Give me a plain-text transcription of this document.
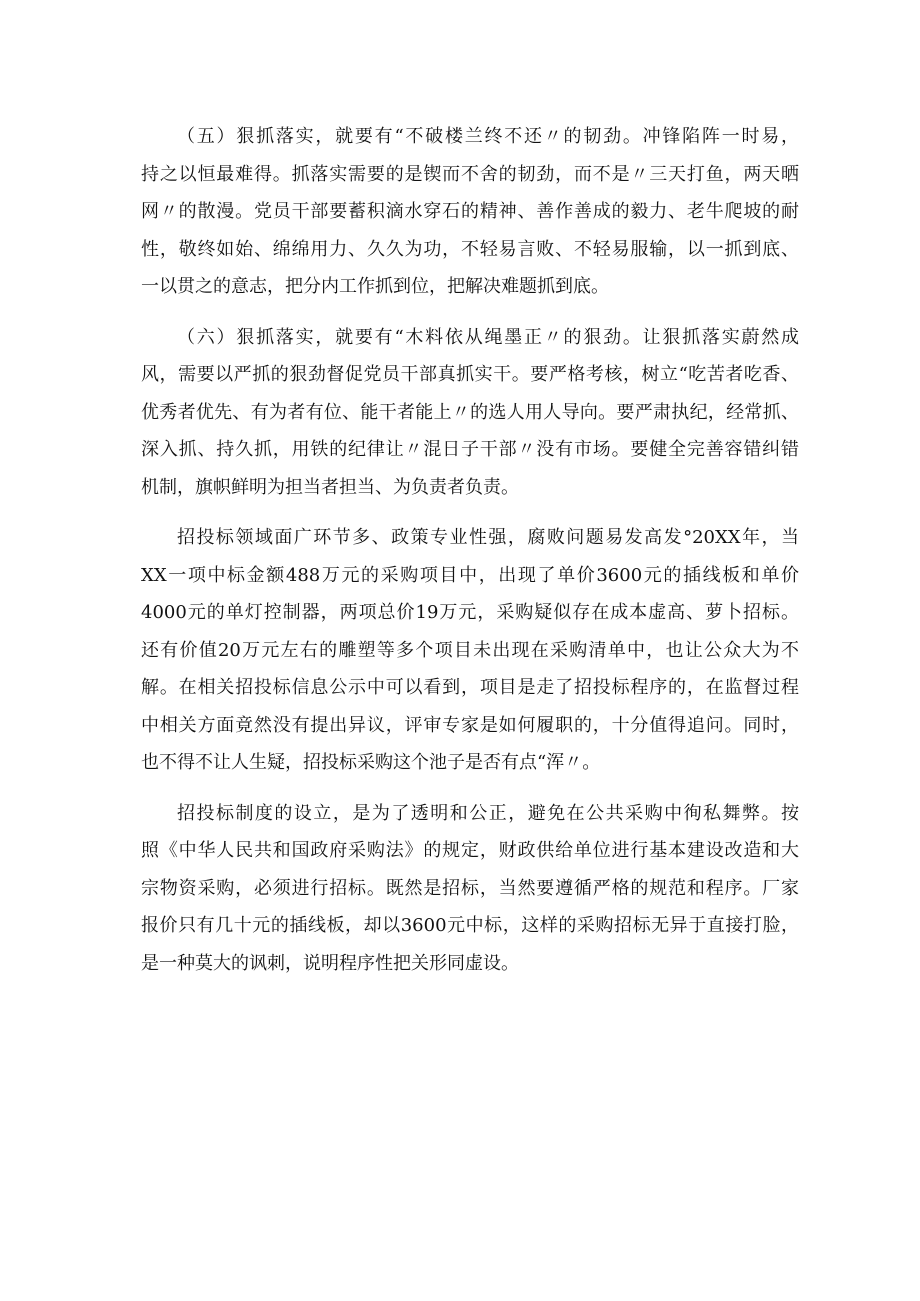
（五）狠抓落实，就要有“不破楼兰终不还〃的韧劲。冲锋陷阵一时易，
持之以恒最难得。抓落实需要的是锲而不舍的韧劲，而不是〃三天打鱼，两天晒
网〃的散漫。党员干部要蓄积滴水穿石的精神、善作善成的毅力、老牛爬坡的耐
性，敬终如始、绵绵用力、久久为功，不轻易言败、不轻易服输，以一抓到底、
一以贯之的意志，把分内工作抓到位，把解决难题抓到底。
（六）狠抓落实，就要有“木料依从绳墨正〃的狠劲。让狠抓落实蔚然成
风，需要以严抓的狠劲督促党员干部真抓实干。要严格考核，树立“吃苦者吃香、
优秀者优先、有为者有位、能干者能上〃的选人用人导向。要严肃执纪，经常抓、
深入抓、持久抓，用铁的纪律让〃混日子干部〃没有市场。要健全完善容错纠错
机制，旗帜鲜明为担当者担当、为负责者负责。
招投标领域面广环节多、政策专业性强，腐败问题易发高发°20XX年，当
XX一项中标金额488万元的采购项目中，出现了单价3600元的插线板和单价
4000元的单灯控制器，两项总价19万元，采购疑似存在成本虚高、萝卜招标。
还有价值20万元左右的雕塑等多个项目未出现在采购清单中，也让公众大为不
解。在相关招投标信息公示中可以看到，项目是走了招投标程序的，在监督过程
中相关方面竟然没有提出异议，评审专家是如何履职的，十分值得追问。同时，
也不得不让人生疑，招投标采购这个池子是否有点“浑〃。
招投标制度的设立，是为了透明和公正，避免在公共采购中徇私舞弊。按
照《中华人民共和国政府采购法》的规定，财政供给单位进行基本建设改造和大
宗物资采购，必须进行招标。既然是招标，当然要遵循严格的规范和程序。厂家
报价只有几十元的插线板，却以3600元中标，这样的采购招标无异于直接打脸，
是一种莫大的讽刺，说明程序性把关形同虚设。
